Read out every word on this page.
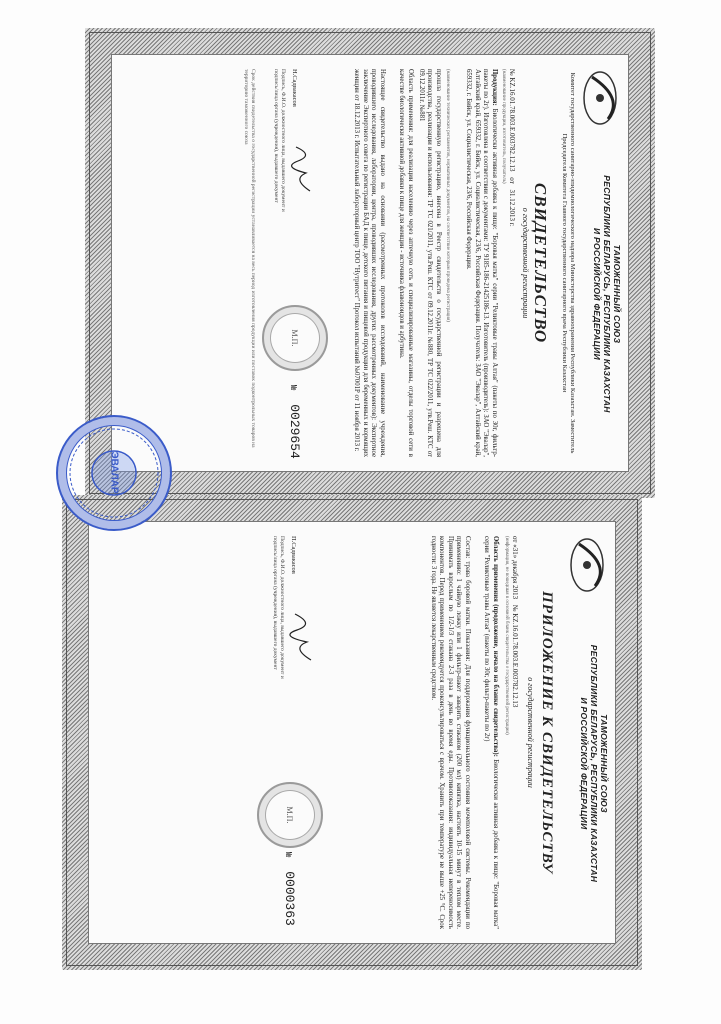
ТАМОЖЕННЫЙ СОЮЗ
РЕСПУБЛИКИ БЕЛАРУСЬ, РЕСПУБЛИКИ КАЗАХСТАН
И РОССИЙСКОЙ ФЕДЕРАЦИИ
Комитет государственного санитарно-эпидемиологического надзора Министерства здравоохранения Республики Казахстан. Заместитель Председателя Комитета Главного государственного санитарного врача Республики Казахстан
СВИДЕТЕЛЬСТВО
о государственной регистрации
№ KZ.16.01.78.003.E.003782.12.13 от 31.12.2013 г.
(наименование продукции, изготовитель, получатель)
Продукция: Биологически активная добавка к пище: "Боровая матка" серии "Реликтовые травы Алтая" (пакеты по 30г, фильтр-пакеты по 2г). Изготовлена в соответствии с документами: ТУ 9185-186-21425186-13. Изготовитель (производитель): ЗАО "Эвалар", Алтайский край, 659332, г. Бийск, ул. Социалистическая, 23/6, Российская Федерация. Получатель: ЗАО "Эвалар", Алтайский край, 659332, г. Бийск, ул. Социалистическая, 23/6, Российская Федерация.
(наименование технических регламентов, нормативных документов, на соответствие которым проведена регистрация)
прошла государственную регистрацию, внесена в Реестр свидетельств о государственной регистрации и разрешена для производства, реализации и использования: ТР ТС 021/2011, утв.Реш. КТС от 09.12.2011г. №880, ТР ТС 022/2011, утв.Реш. КТС от 09.12.2011г. №881
Область применения: для реализации населению через аптечную сеть и специализированные магазины, отделы торговой сети в качестве биологически активной добавки к пище для женщин - источника флавоноидов и арбутина.
Настоящее свидетельство выдано на основании (рассмотренных протоколов исследований, наименование учреждения, проводившего исследования, лаборатории, центра, проводивших исследования, других рассмотренных документов): Экспертное заключение Экспертного совета по регистрации БАД к пище, детского питания и пищевой продукции для беременных и кормящих женщин от 18.12.2013 г. Испытательный лабораторный центр ТОО "Нутритест" Протокол испытаний №07001Р от 11 ноября 2013 г.
Н.Садвакасов
Подпись, Ф.И.О. должностного лица, выдавшего документ и подпись/лица органа (учреждения), выдавшего документ
М.П.
№ 0029654
Срок действия свидетельства о государственной регистрации устанавливается на весь период изготовления продукции или поставок подконтрольных товаров на территорию таможенного союза
ТАМОЖЕННЫЙ СОЮЗ
РЕСПУБЛИКИ БЕЛАРУСЬ, РЕСПУБЛИКИ КАЗАХСТАН
И РОССИЙСКОЙ ФЕДЕРАЦИИ
ПРИЛОЖЕНИЕ К СВИДЕТЕЛЬСТВУ
о государственной регистрации
от «31» декабря 2013 № KZ.16.01.78.003.E.003782.12.13
(информация, не вошедшая в основной бланк свидетельства о государственной регистрации)
Область применения (продолжение, начало на бланке свидетельства): Биологически активная добавка к пище: "Боровая матка" серии "Реликтовые травы Алтая" (пакеты по 30г, фильтр-пакеты по 2г)
Состав: трава боровой матки. Показания: Для поддержания функционального состояния мочеполовой системы. Рекомендации по применению: 1 чайную ложку или 1 фильтр-пакет заварить стаканом (200 мл) кипятка, настоять 10-15 минут в теплом месте. Принимать взрослым по 1/2-1/3 стакана 2-3 раза в день во время еды. Противопоказания: индивидуальная непереносимость компонентов. Перед применением рекомендуется проконсультироваться с врачом. Хранить при температуре не выше +25 °С. Срок годности: 3 года. Не является лекарственным средством.
П.Садвакасов
Подпись, Ф.И.О. должностного лица, выдавшего документ и подпись/лица органа (учреждения), выдавшего документ
М.П.
№ 0000363
ЭВАЛАР
